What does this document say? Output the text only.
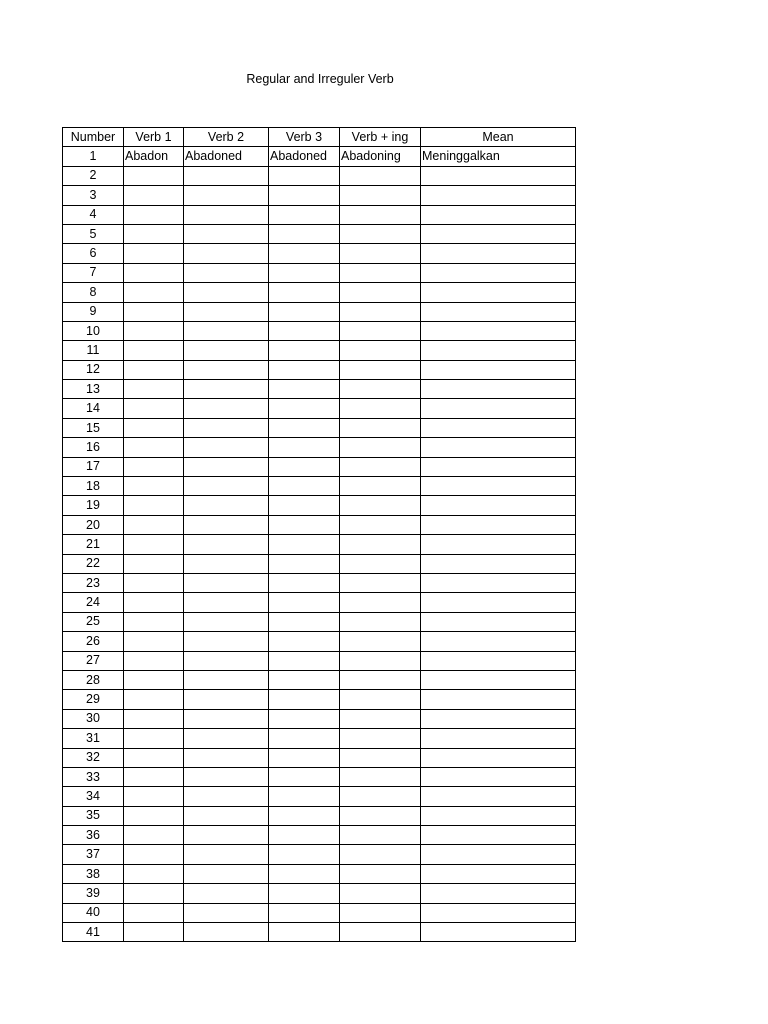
Regular and Irreguler Verb
Number	Verb 1	Verb 2	Verb 3	Verb + ing	Mean
1	Abadon	Abadoned	Abadoned	Abadoning	Meninggalkan
2					
3					
4					
5					
6					
7					
8					
9					
10					
11					
12					
13					
14					
15					
16					
17					
18					
19					
20					
21					
22					
23					
24					
25					
26					
27					
28					
29					
30					
31					
32					
33					
34					
35					
36					
37					
38					
39					
40					
41					
